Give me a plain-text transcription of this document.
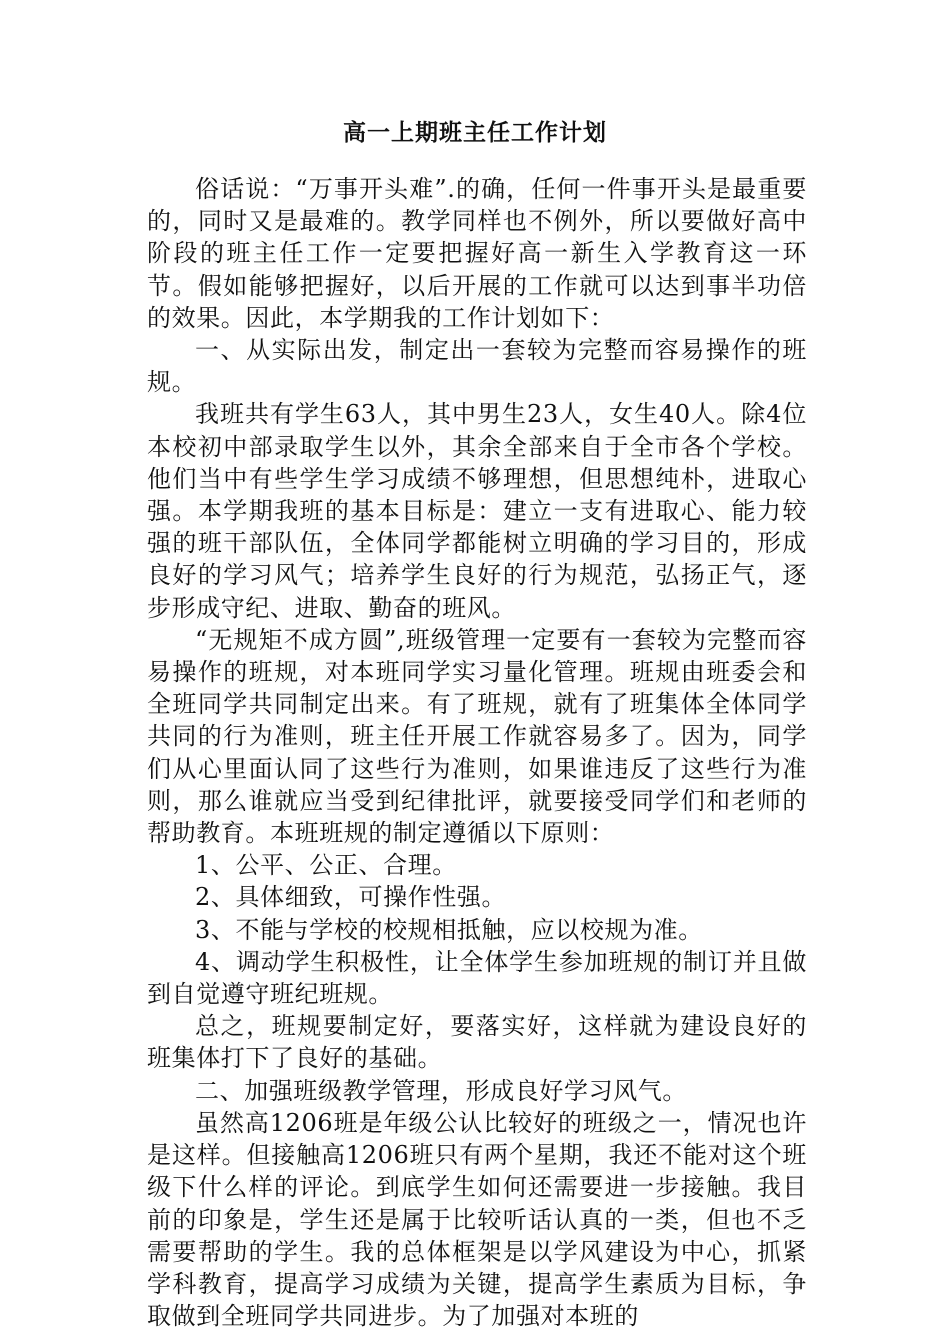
高一上期班主任工作计划

俗话说：“万事开头难”.的确，任何一件事开头是最重要的，同时又是最难的。教学同样也不例外，所以要做好高中阶段的班主任工作一定要把握好高一新生入学教育这一环节。假如能够把握好，以后开展的工作就可以达到事半功倍的效果。因此，本学期我的工作计划如下：

一、从实际出发，制定出一套较为完整而容易操作的班规。

我班共有学生63人，其中男生23人，女生40人。除4位本校初中部录取学生以外，其余全部来自于全市各个学校。他们当中有些学生学习成绩不够理想，但思想纯朴，进取心强。本学期我班的基本目标是：建立一支有进取心、能力较强的班干部队伍，全体同学都能树立明确的学习目的，形成良好的学习风气；培养学生良好的行为规范，弘扬正气，逐步形成守纪、进取、勤奋的班风。

“无规矩不成方圆”,班级管理一定要有一套较为完整而容易操作的班规，对本班同学实习量化管理。班规由班委会和全班同学共同制定出来。有了班规，就有了班集体全体同学共同的行为准则，班主任开展工作就容易多了。因为，同学们从心里面认同了这些行为准则，如果谁违反了这些行为准则，那么谁就应当受到纪律批评，就要接受同学们和老师的帮助教育。本班班规的制定遵循以下原则：

1、公平、公正、合理。

2、具体细致，可操作性强。

3、不能与学校的校规相抵触，应以校规为准。

4、调动学生积极性，让全体学生参加班规的制订并且做到自觉遵守班纪班规。

总之，班规要制定好，要落实好，这样就为建设良好的班集体打下了良好的基础。

二、加强班级教学管理，形成良好学习风气。

虽然高1206班是年级公认比较好的班级之一，情况也许是这样。但接触高1206班只有两个星期，我还不能对这个班级下什么样的评论。到底学生如何还需要进一步接触。我目前的印象是，学生还是属于比较听话认真的一类，但也不乏需要帮助的学生。我的总体框架是以学风建设为中心，抓紧学科教育，提高学习成绩为关键，提高学生素质为目标，争取做到全班同学共同进步。为了加强对本班的
